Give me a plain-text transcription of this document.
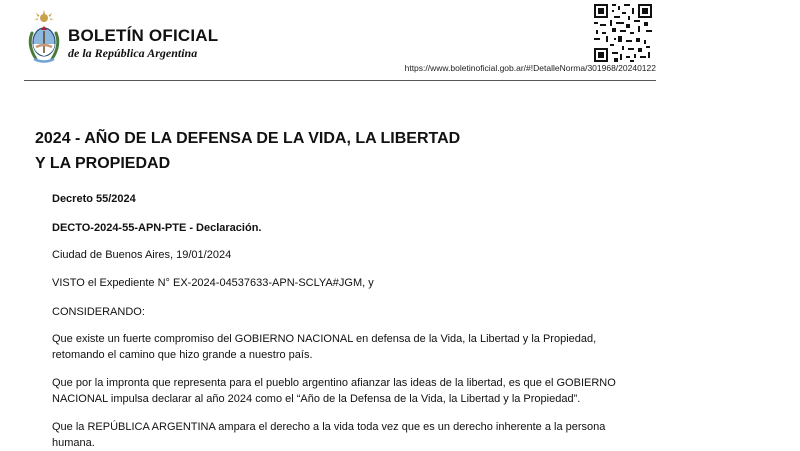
BOLETÍN OFICIAL
de la República Argentina
https://www.boletinoficial.gob.ar/#!DetalleNorma/301968/20240122
2024 - AÑO DE LA DEFENSA DE LA VIDA, LA LIBERTAD
Y LA PROPIEDAD
Decreto 55/2024
DECTO-2024-55-APN-PTE - Declaración.
Ciudad de Buenos Aires, 19/01/2024
VISTO el Expediente N° EX-2024-04537633-APN-SCLYA#JGM, y
CONSIDERANDO:
Que existe un fuerte compromiso del GOBIERNO NACIONAL en defensa de la Vida, la Libertad y la Propiedad,
retomando el camino que hizo grande a nuestro país.
Que por la impronta que representa para el pueblo argentino afianzar las ideas de la libertad, es que el GOBIERNO
NACIONAL impulsa declarar al año 2024 como el “Año de la Defensa de la Vida, la Libertad y la Propiedad”.
Que la REPÚBLICA ARGENTINA ampara el derecho a la vida toda vez que es un derecho inherente a la persona
humana.
